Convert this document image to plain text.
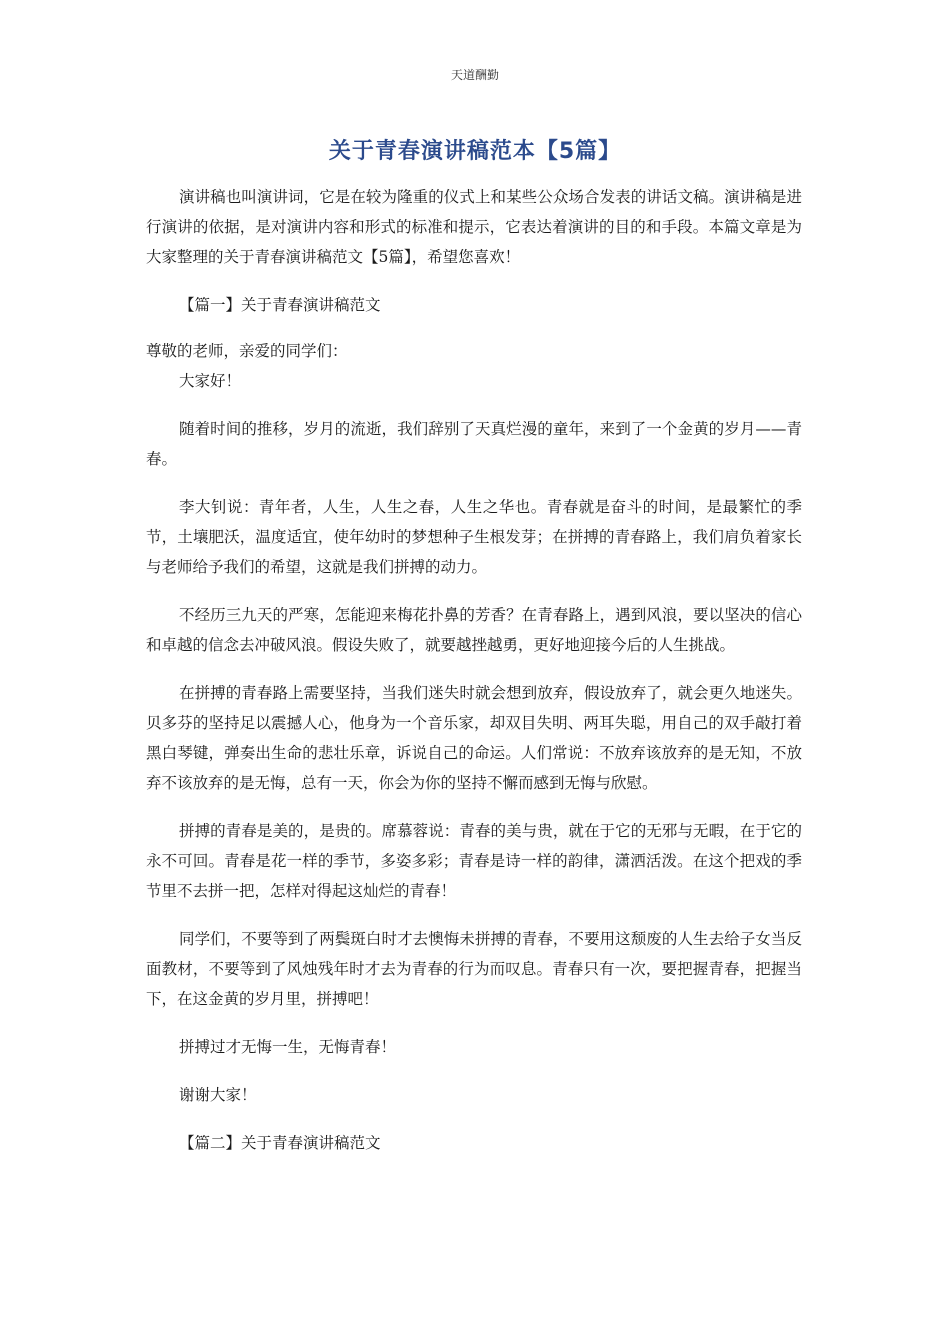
天道酬勤
关于青春演讲稿范本【5篇】

演讲稿也叫演讲词，它是在较为隆重的仪式上和某些公众场合发表的讲话文稿。演讲稿是进行演讲的依据，是对演讲内容和形式的标准和提示，它表达着演讲的目的和手段。本篇文章是为大家整理的关于青春演讲稿范文【5篇】，希望您喜欢！

【篇一】关于青春演讲稿范文

尊敬的老师，亲爱的同学们：

大家好！

随着时间的推移，岁月的流逝，我们辞别了天真烂漫的童年，来到了一个金黄的岁月——青春。

李大钊说：青年者，人生，人生之春，人生之华也。青春就是奋斗的时间，是最繁忙的季节，土壤肥沃，温度适宜，使年幼时的梦想种子生根发芽；在拼搏的青春路上，我们肩负着家长与老师给予我们的希望，这就是我们拼搏的动力。

不经历三九天的严寒，怎能迎来梅花扑鼻的芳香？在青春路上，遇到风浪，要以坚决的信心和卓越的信念去冲破风浪。假设失败了，就要越挫越勇，更好地迎接今后的人生挑战。

在拼搏的青春路上需要坚持，当我们迷失时就会想到放弃，假设放弃了，就会更久地迷失。贝多芬的坚持足以震撼人心，他身为一个音乐家，却双目失明、两耳失聪，用自己的双手敲打着黑白琴键，弹奏出生命的悲壮乐章，诉说自己的命运。人们常说：不放弃该放弃的是无知，不放弃不该放弃的是无悔，总有一天，你会为你的坚持不懈而感到无悔与欣慰。

拼搏的青春是美的，是贵的。席慕蓉说：青春的美与贵，就在于它的无邪与无暇，在于它的永不可回。青春是花一样的季节，多姿多彩；青春是诗一样的韵律，潇洒活泼。在这个把戏的季节里不去拼一把，怎样对得起这灿烂的青春！

同学们，不要等到了两鬓斑白时才去懊悔未拼搏的青春，不要用这颓废的人生去给子女当反面教材，不要等到了风烛残年时才去为青春的行为而叹息。青春只有一次，要把握青春，把握当下，在这金黄的岁月里，拼搏吧！

拼搏过才无悔一生，无悔青春！

谢谢大家！

【篇二】关于青春演讲稿范文
